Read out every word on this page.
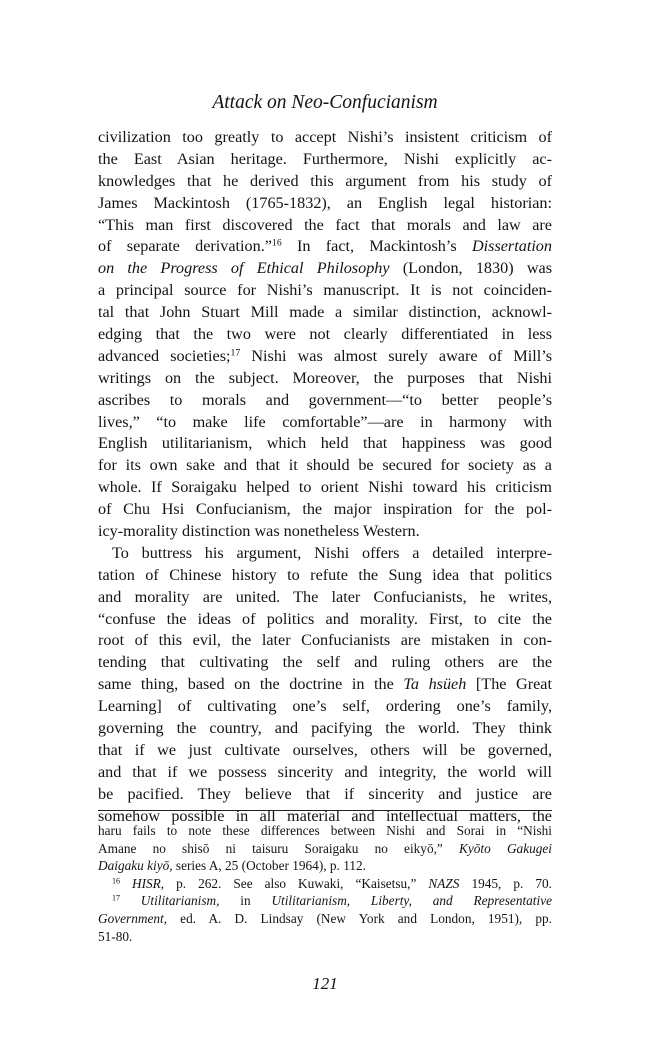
Attack on Neo-Confucianism
civilization too greatly to accept Nishi’s insistent criticism of
the East Asian heritage. Furthermore, Nishi explicitly ac-
knowledges that he derived this argument from his study of
James Mackintosh (1765-1832), an English legal historian:
“This man first discovered the fact that morals and law are
of separate derivation.”$^{16}$ In fact, Mackintosh’s Dissertation
on the Progress of Ethical Philosophy (London, 1830) was
a principal source for Nishi’s manuscript. It is not coinciden-
tal that John Stuart Mill made a similar distinction, acknowl-
edging that the two were not clearly differentiated in less
advanced societies;$^{17}$ Nishi was almost surely aware of Mill’s
writings on the subject. Moreover, the purposes that Nishi
ascribes to morals and government—“to better people’s
lives,” “to make life comfortable”—are in harmony with
English utilitarianism, which held that happiness was good
for its own sake and that it should be secured for society as a
whole. If Soraigaku helped to orient Nishi toward his criticism
of Chu Hsi Confucianism, the major inspiration for the pol-
icy-morality distinction was nonetheless Western.
To buttress his argument, Nishi offers a detailed interpre-
tation of Chinese history to refute the Sung idea that politics
and morality are united. The later Confucianists, he writes,
“confuse the ideas of politics and morality. First, to cite the
root of this evil, the later Confucianists are mistaken in con-
tending that cultivating the self and ruling others are the
same thing, based on the doctrine in the Ta hsüeh [The Great
Learning] of cultivating one’s self, ordering one’s family,
governing the country, and pacifying the world. They think
that if we just cultivate ourselves, others will be governed,
and that if we possess sincerity and integrity, the world will
be pacified. They believe that if sincerity and justice are
somehow possible in all material and intellectual matters, the
haru fails to note these differences between Nishi and Sorai in “Nishi
Amane no shisō ni taisuru Soraigaku no eikyō,” Kyōto Gakugei
Daigaku kiyō, series A, 25 (October 1964), p. 112.
$^{16}$ HISR, p. 262. See also Kuwaki, “Kaisetsu,” NAZS 1945, p. 70.
$^{17}$ Utilitarianism, in Utilitarianism, Liberty, and Representative
Government, ed. A. D. Lindsay (New York and London, 1951), pp.
51-80.
121
